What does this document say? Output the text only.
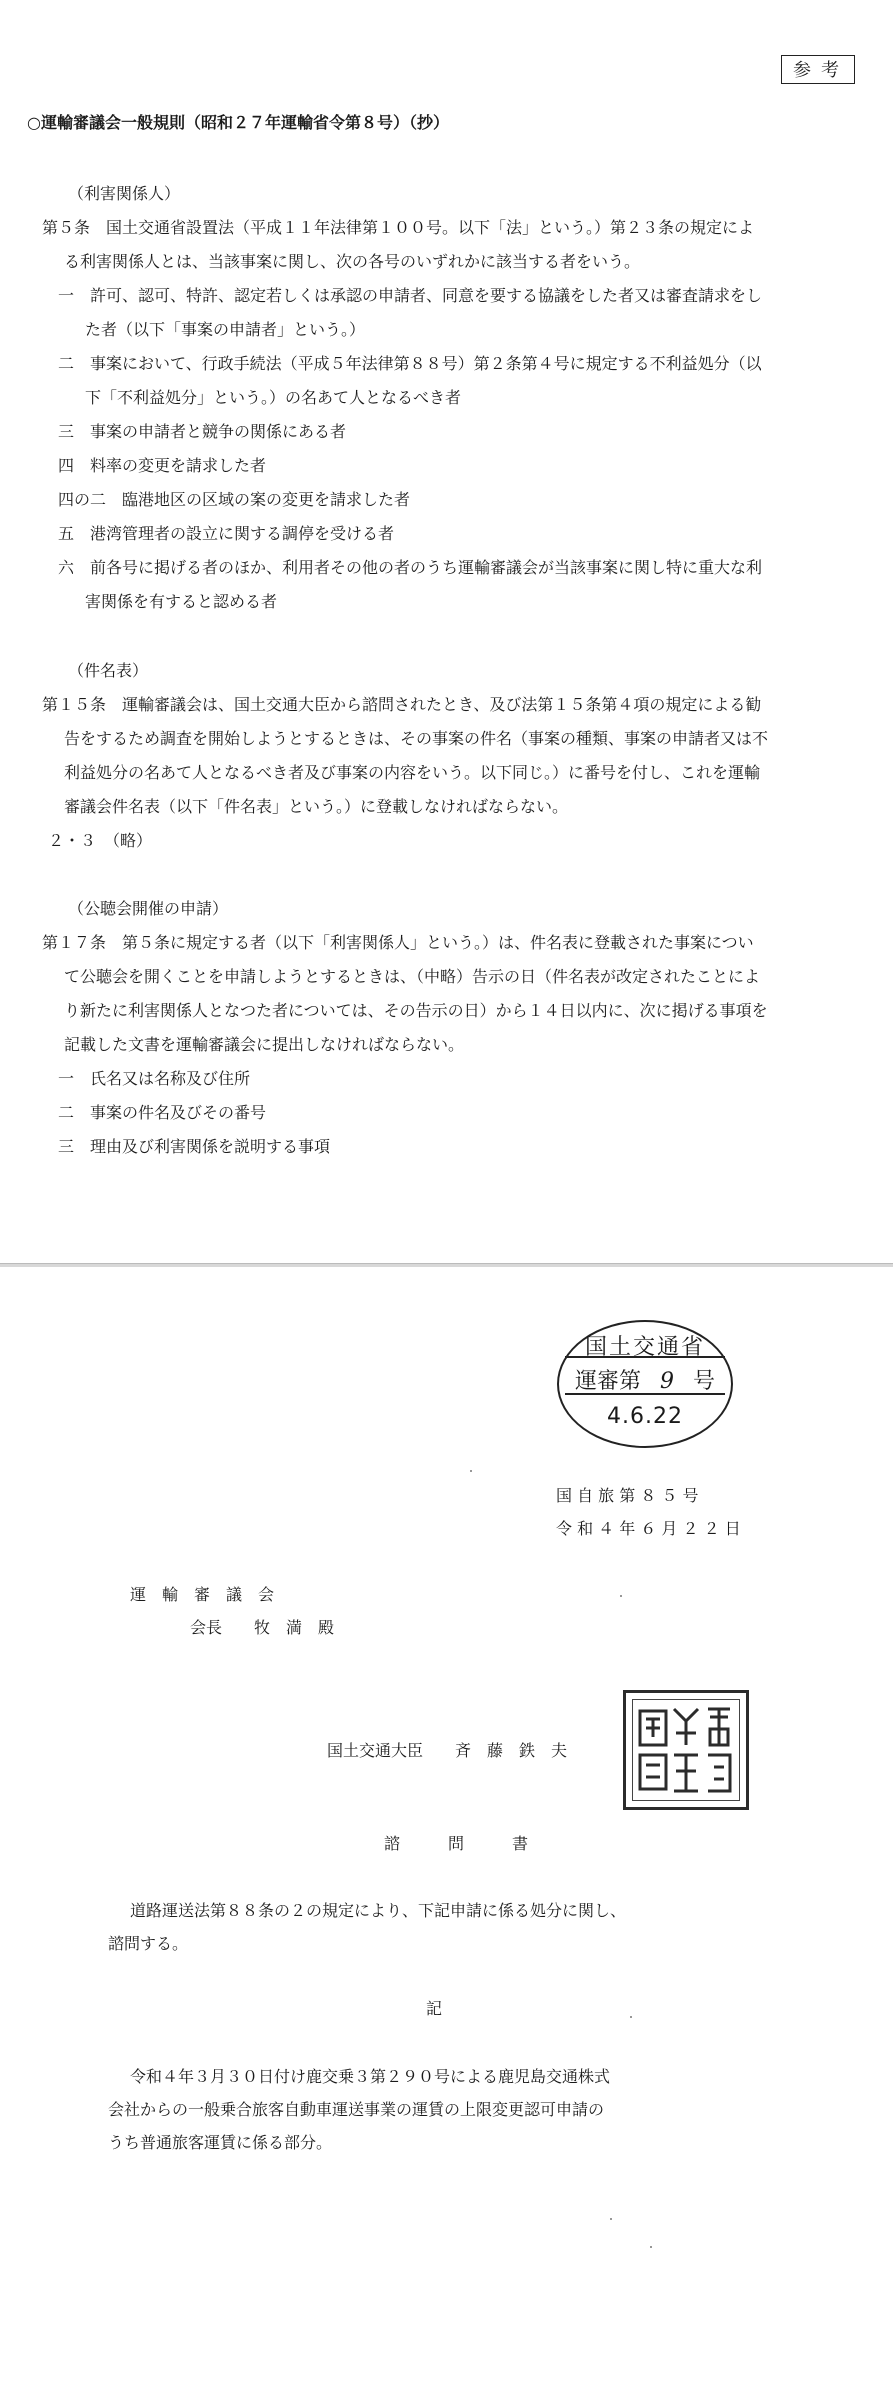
参考
○運輸審議会一般規則（昭和２７年運輸省令第８号）（抄）
（利害関係人）
第５条　国土交通省設置法（平成１１年法律第１００号。以下「法」という。）第２３条の規定によ
る利害関係人とは、当該事案に関し、次の各号のいずれかに該当する者をいう。
一　許可、認可、特許、認定若しくは承認の申請者、同意を要する協議をした者又は審査請求をし
た者（以下「事案の申請者」という。）
二　事案において、行政手続法（平成５年法律第８８号）第２条第４号に規定する不利益処分（以
下「不利益処分」という。）の名あて人となるべき者
三　事案の申請者と競争の関係にある者
四　料率の変更を請求した者
四の二　臨港地区の区域の案の変更を請求した者
五　港湾管理者の設立に関する調停を受ける者
六　前各号に掲げる者のほか、利用者その他の者のうち運輸審議会が当該事案に関し特に重大な利
害関係を有すると認める者
（件名表）
第１５条　運輸審議会は、国土交通大臣から諮問されたとき、及び法第１５条第４項の規定による勧
告をするため調査を開始しようとするときは、その事案の件名（事案の種類、事案の申請者又は不
利益処分の名あて人となるべき者及び事案の内容をいう。以下同じ。）に番号を付し、これを運輸
審議会件名表（以下「件名表」という。）に登載しなければならない。
２・３　（略）
（公聴会開催の申請）
第１７条　第５条に規定する者（以下「利害関係人」という。）は、件名表に登載された事案につい
て公聴会を開くことを申請しようとするときは、（中略）告示の日（件名表が改定されたことによ
り新たに利害関係人となつた者については、その告示の日）から１４日以内に、次に掲げる事項を
記載した文書を運輸審議会に提出しなければならない。
一　氏名又は名称及び住所
二　事案の件名及びその番号
三　理由及び利害関係を説明する事項
国土交通省
運審第 9 号
4.6.22
国 自 旅 第 ８ ５ 号
令 和 ４ 年 ６ 月 ２ ２ 日
運　輸　審　議　会
会長　　牧　満　殿
国土交通大臣　　斉　藤　鉄　夫
諮　　　問　　　書
道路運送法第８８条の２の規定により、下記申請に係る処分に関し、
諮問する。
記
令和４年３月３０日付け鹿交乗３第２９０号による鹿児島交通株式
会社からの一般乗合旅客自動車運送事業の運賃の上限変更認可申請の
うち普通旅客運賃に係る部分。
